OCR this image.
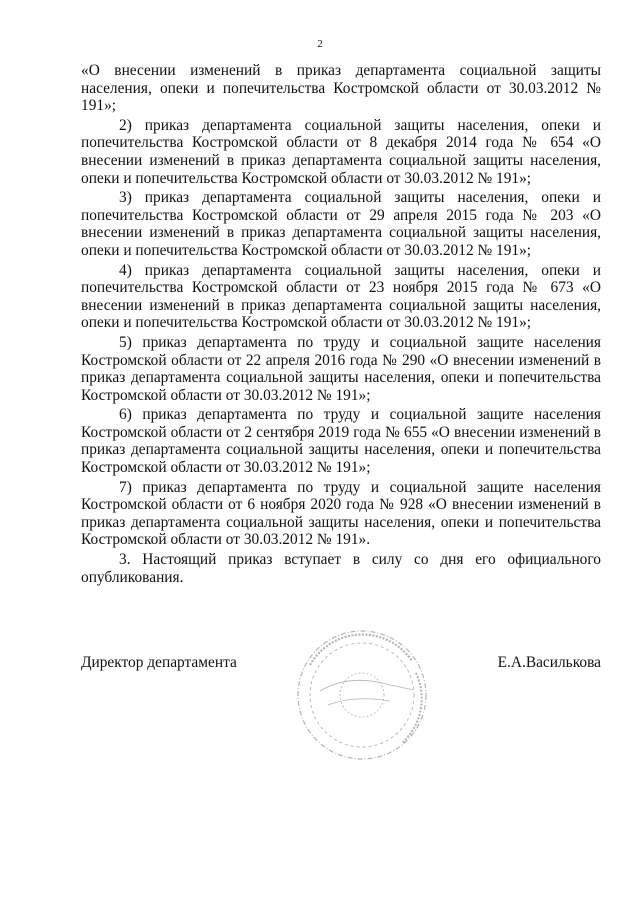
2

«О внесении изменений в приказ департамента социальной защиты населения, опеки и попечительства Костромской области от 30.03.2012 № 191»;

2) приказ департамента социальной защиты населения, опеки и попечительства Костромской области от 8 декабря 2014 года № 654 «О внесении изменений в приказ департамента социальной защиты населения, опеки и попечительства Костромской области от 30.03.2012 № 191»;

3) приказ департамента социальной защиты населения, опеки и попечительства Костромской области от 29 апреля 2015 года № 203 «О внесении изменений в приказ департамента социальной защиты населения, опеки и попечительства Костромской области от 30.03.2012 № 191»;

4) приказ департамента социальной защиты населения, опеки и попечительства Костромской области от 23 ноября 2015 года № 673 «О внесении изменений в приказ департамента социальной защиты населения, опеки и попечительства Костромской области от 30.03.2012 № 191»;

5) приказ департамента по труду и социальной защите населения Костромской области от 22 апреля 2016 года № 290 «О внесении изменений в приказ департамента социальной защиты населения, опеки и попечительства Костромской области от 30.03.2012 № 191»;

6) приказ департамента по труду и социальной защите населения Костромской области от 2 сентября 2019 года № 655 «О внесении изменений в приказ департамента социальной защиты населения, опеки и попечительства Костромской области от 30.03.2012 № 191»;

7) приказ департамента по труду и социальной защите населения Костромской области от 6 ноября 2020 года № 928 «О внесении изменений в приказ департамента социальной защиты населения, опеки и попечительства Костромской области от 30.03.2012 № 191».

3. Настоящий приказ вступает в силу со дня его официального опубликования.

Директор департамента	Е.А.Василькова
